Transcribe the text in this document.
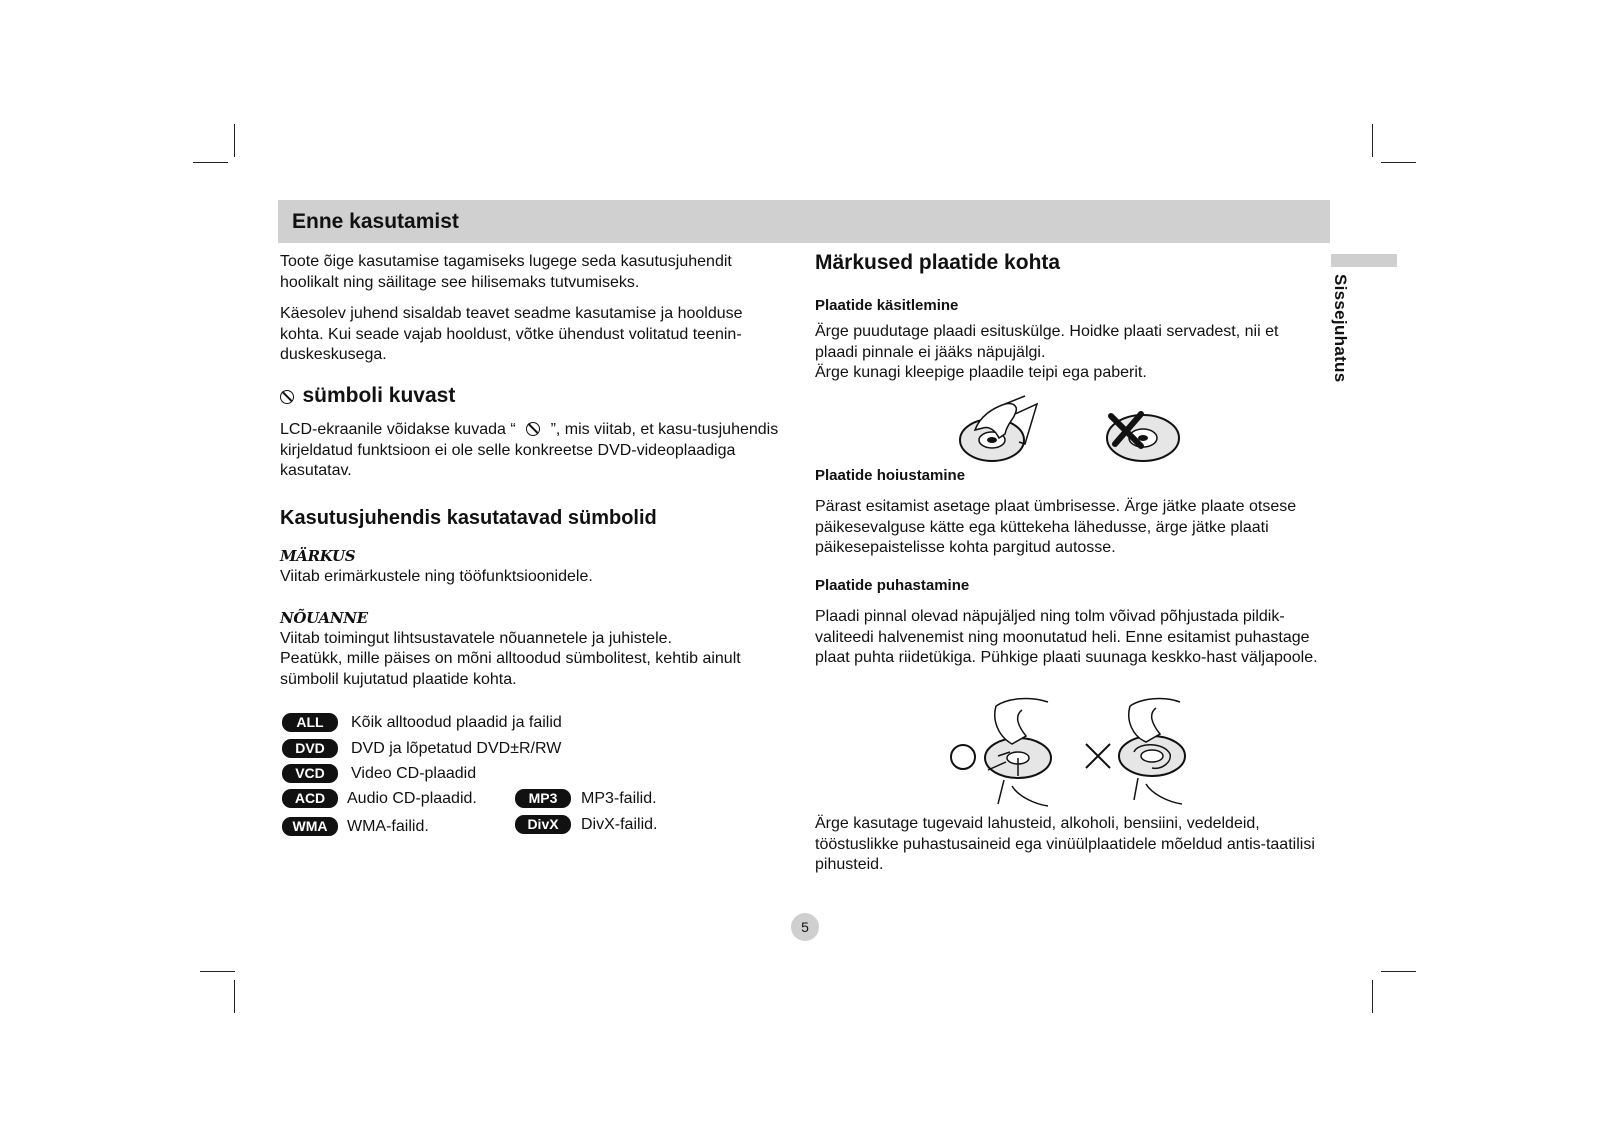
Enne kasutamist
Sissejuhatus

Toote õige kasutamise tagamiseks lugege seda kasutusjuhendit hoolikalt ning säilitage see hilisemaks tutvumiseks.

Käesolev juhend sisaldab teavet seadme kasutamise ja hoolduse kohta. Kui seade vajab hooldust, võtke ühendust volitatud teenin-duskeskusega.

sümboli kuvast

LCD-ekraanile võidakse kuvada “ ”, mis viitab, et kasu-tusjuhendis kirjeldatud funktsioon ei ole selle konkreetse DVD-videoplaadiga kasutatav.

Kasutusjuhendis kasutatavad sümbolid

MÄRKUS

Viitab erimärkustele ning tööfunktsioonidele.

NÕUANNE

Viitab toimingut lihtsustavatele nõuannetele ja juhistele.

Peatükk, mille päises on mõni alltoodud sümbolitest, kehtib ainult sümbolil kujutatud plaatide kohta.

ALL	Kõik alltoodud plaadid ja failid
DVD	DVD ja lõpetatud DVD±R/RW
VCD	Video CD-plaadid
ACD	Audio CD-plaadid.	MP3	MP3-failid.
WMA	WMA-failid.	DivX	DivX-failid.

Märkused plaatide kohta

Plaatide käsitlemine

Ärge puudutage plaadi esituskülge. Hoidke plaati servadest, nii et plaadi pinnale ei jääks näpujälgi.

Ärge kunagi kleepige plaadile teipi ega paberit.

Plaatide hoiustamine

Pärast esitamist asetage plaat ümbrisesse. Ärge jätke plaate otsese päikesevalguse kätte ega küttekeha lähedusse, ärge jätke plaati päikesepaistelisse kohta pargitud autosse.

Plaatide puhastamine

Plaadi pinnal olevad näpujäljed ning tolm võivad põhjustada pildik-valiteedi halvenemist ning moonutatud heli. Enne esitamist puhastage plaat puhta riidetükiga. Pühkige plaati suunaga keskko-hast väljapoole.

Ärge kasutage tugevaid lahusteid, alkoholi, bensiini, vedeldeid, tööstuslikke puhastusaineid ega vinüülplaatidele mõeldud antis-taatilisi pihusteid.

5
